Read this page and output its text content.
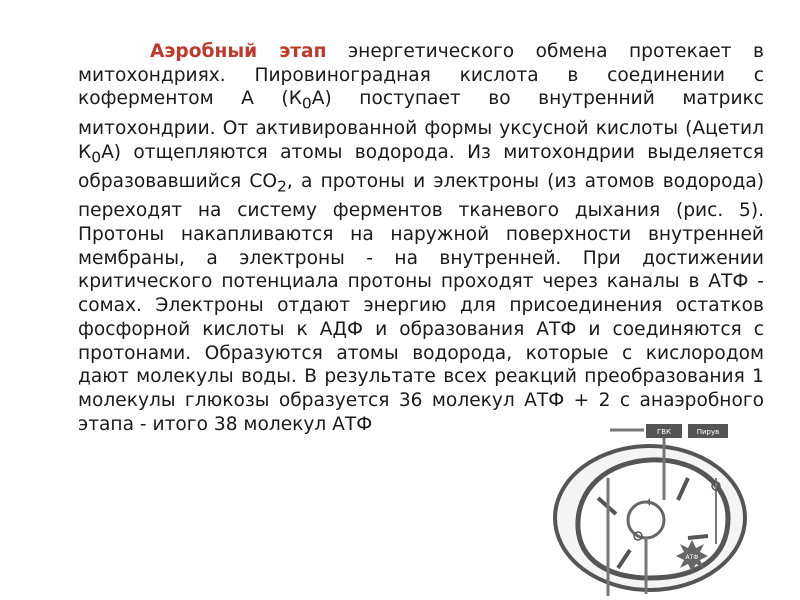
Аэробный этап энергетического обмена протекает в митохондриях. Пировиноградная кислота в соединении с коферментом А $(К_0А)$ поступает во внутренний матрикс митохондрии. От активированной формы уксусной кислоты (Ацетил $К_0А$) отщепляются атомы водорода. Из митохондрии выделяется образовавшийся $CO_2$, а протоны и электроны (из атомов водорода) переходят на систему ферментов тканевого дыхания (рис. 5). Протоны накапливаются на наружной поверхности внутренней мембраны, а электроны - на внутренней. При достижении критического потенциала протоны проходят через каналы в АТФ - сомах. Электроны отдают энергию для присоединения остатков фосфорной кислоты к АДФ и образования АТФ и соединяются с протонами. Образуются атомы водорода, которые с кислородом дают молекулы воды. В результате всех реакций преобразования 1 молекулы глюкозы образуется 36 молекул АТФ + 2 с анаэробного этапа - итого 38 молекул АТФ	ГВК	Пирув
АТФ
